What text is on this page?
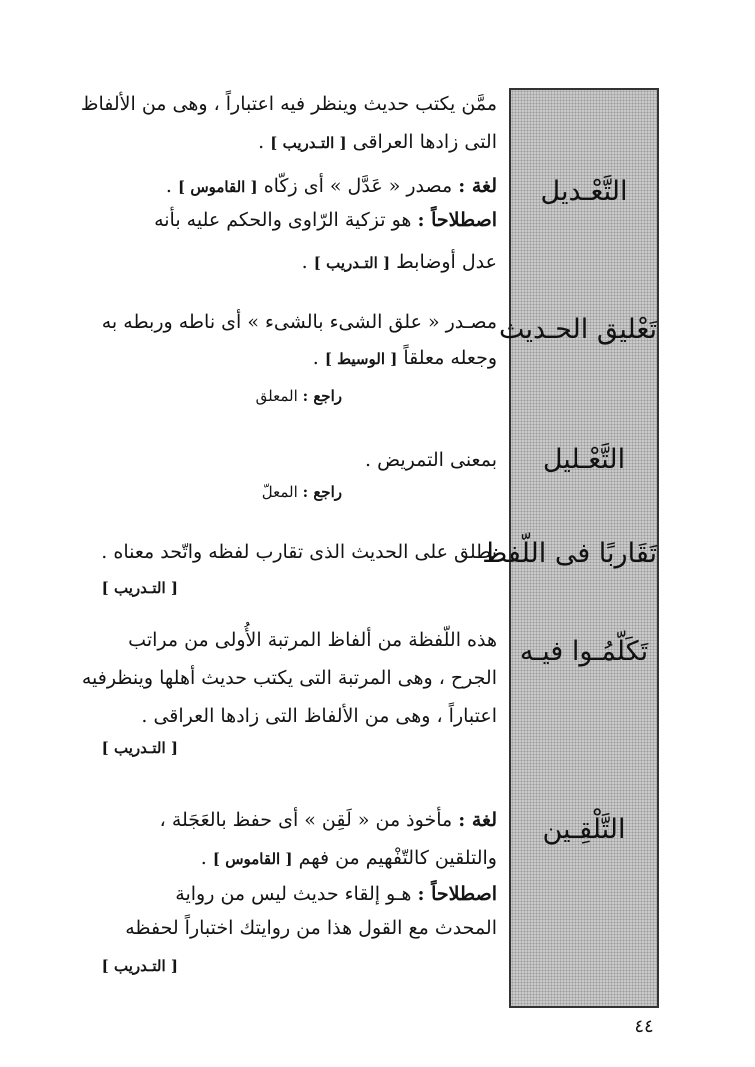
التَّعْـديل
تَعْليق الحـديث
التَّعْـليل
تَقَاربًا فى اللّفظ
تَكَلّمُـوا فيـه
التَّلْقِـين
ممَّن يكتب حديث وينظر فيه اعتباراً ، وهى من الألفاظ
التى زادها العراقى [ التـدريب ] .
لغة : مصدر « عَدَّل » أى زكّاه [ القاموس ] .
اصطلاحاً : هو تزكية الرّاوى والحكم عليه بأنه
عدل أوضابط [ التـدريب ] .
مصـدر « علق الشىء بالشىء » أى ناطه وربطه به
وجعله معلقاً [ الوسيط ] .
راجع : المعلق
بمعنى التمريض .
راجع : المعلّ
يطلق على الحديث الذى تقارب لفظه واتّحد معناه .
[ التـدريب ]
هذه اللّفظة من ألفاظ المرتبة الأُولى من مراتب
الجرح ، وهى المرتبة التى يكتب حديث أهلها وينظرفيه
اعتباراً ، وهى من الألفاظ التى زادها العراقى .
[ التـدريب ]
لغة : مأخوذ من « لَقِن » أى حفظ بالعَجَلة ،
والتلقين كالتّفْهيم من فهم [ القاموس ] .
اصطلاحاً : هـو إلقاء حديث ليس من رواية
المحدث مع القول هذا من روايتك اختباراً لحفظه
[ التـدريب ]
٤٤
